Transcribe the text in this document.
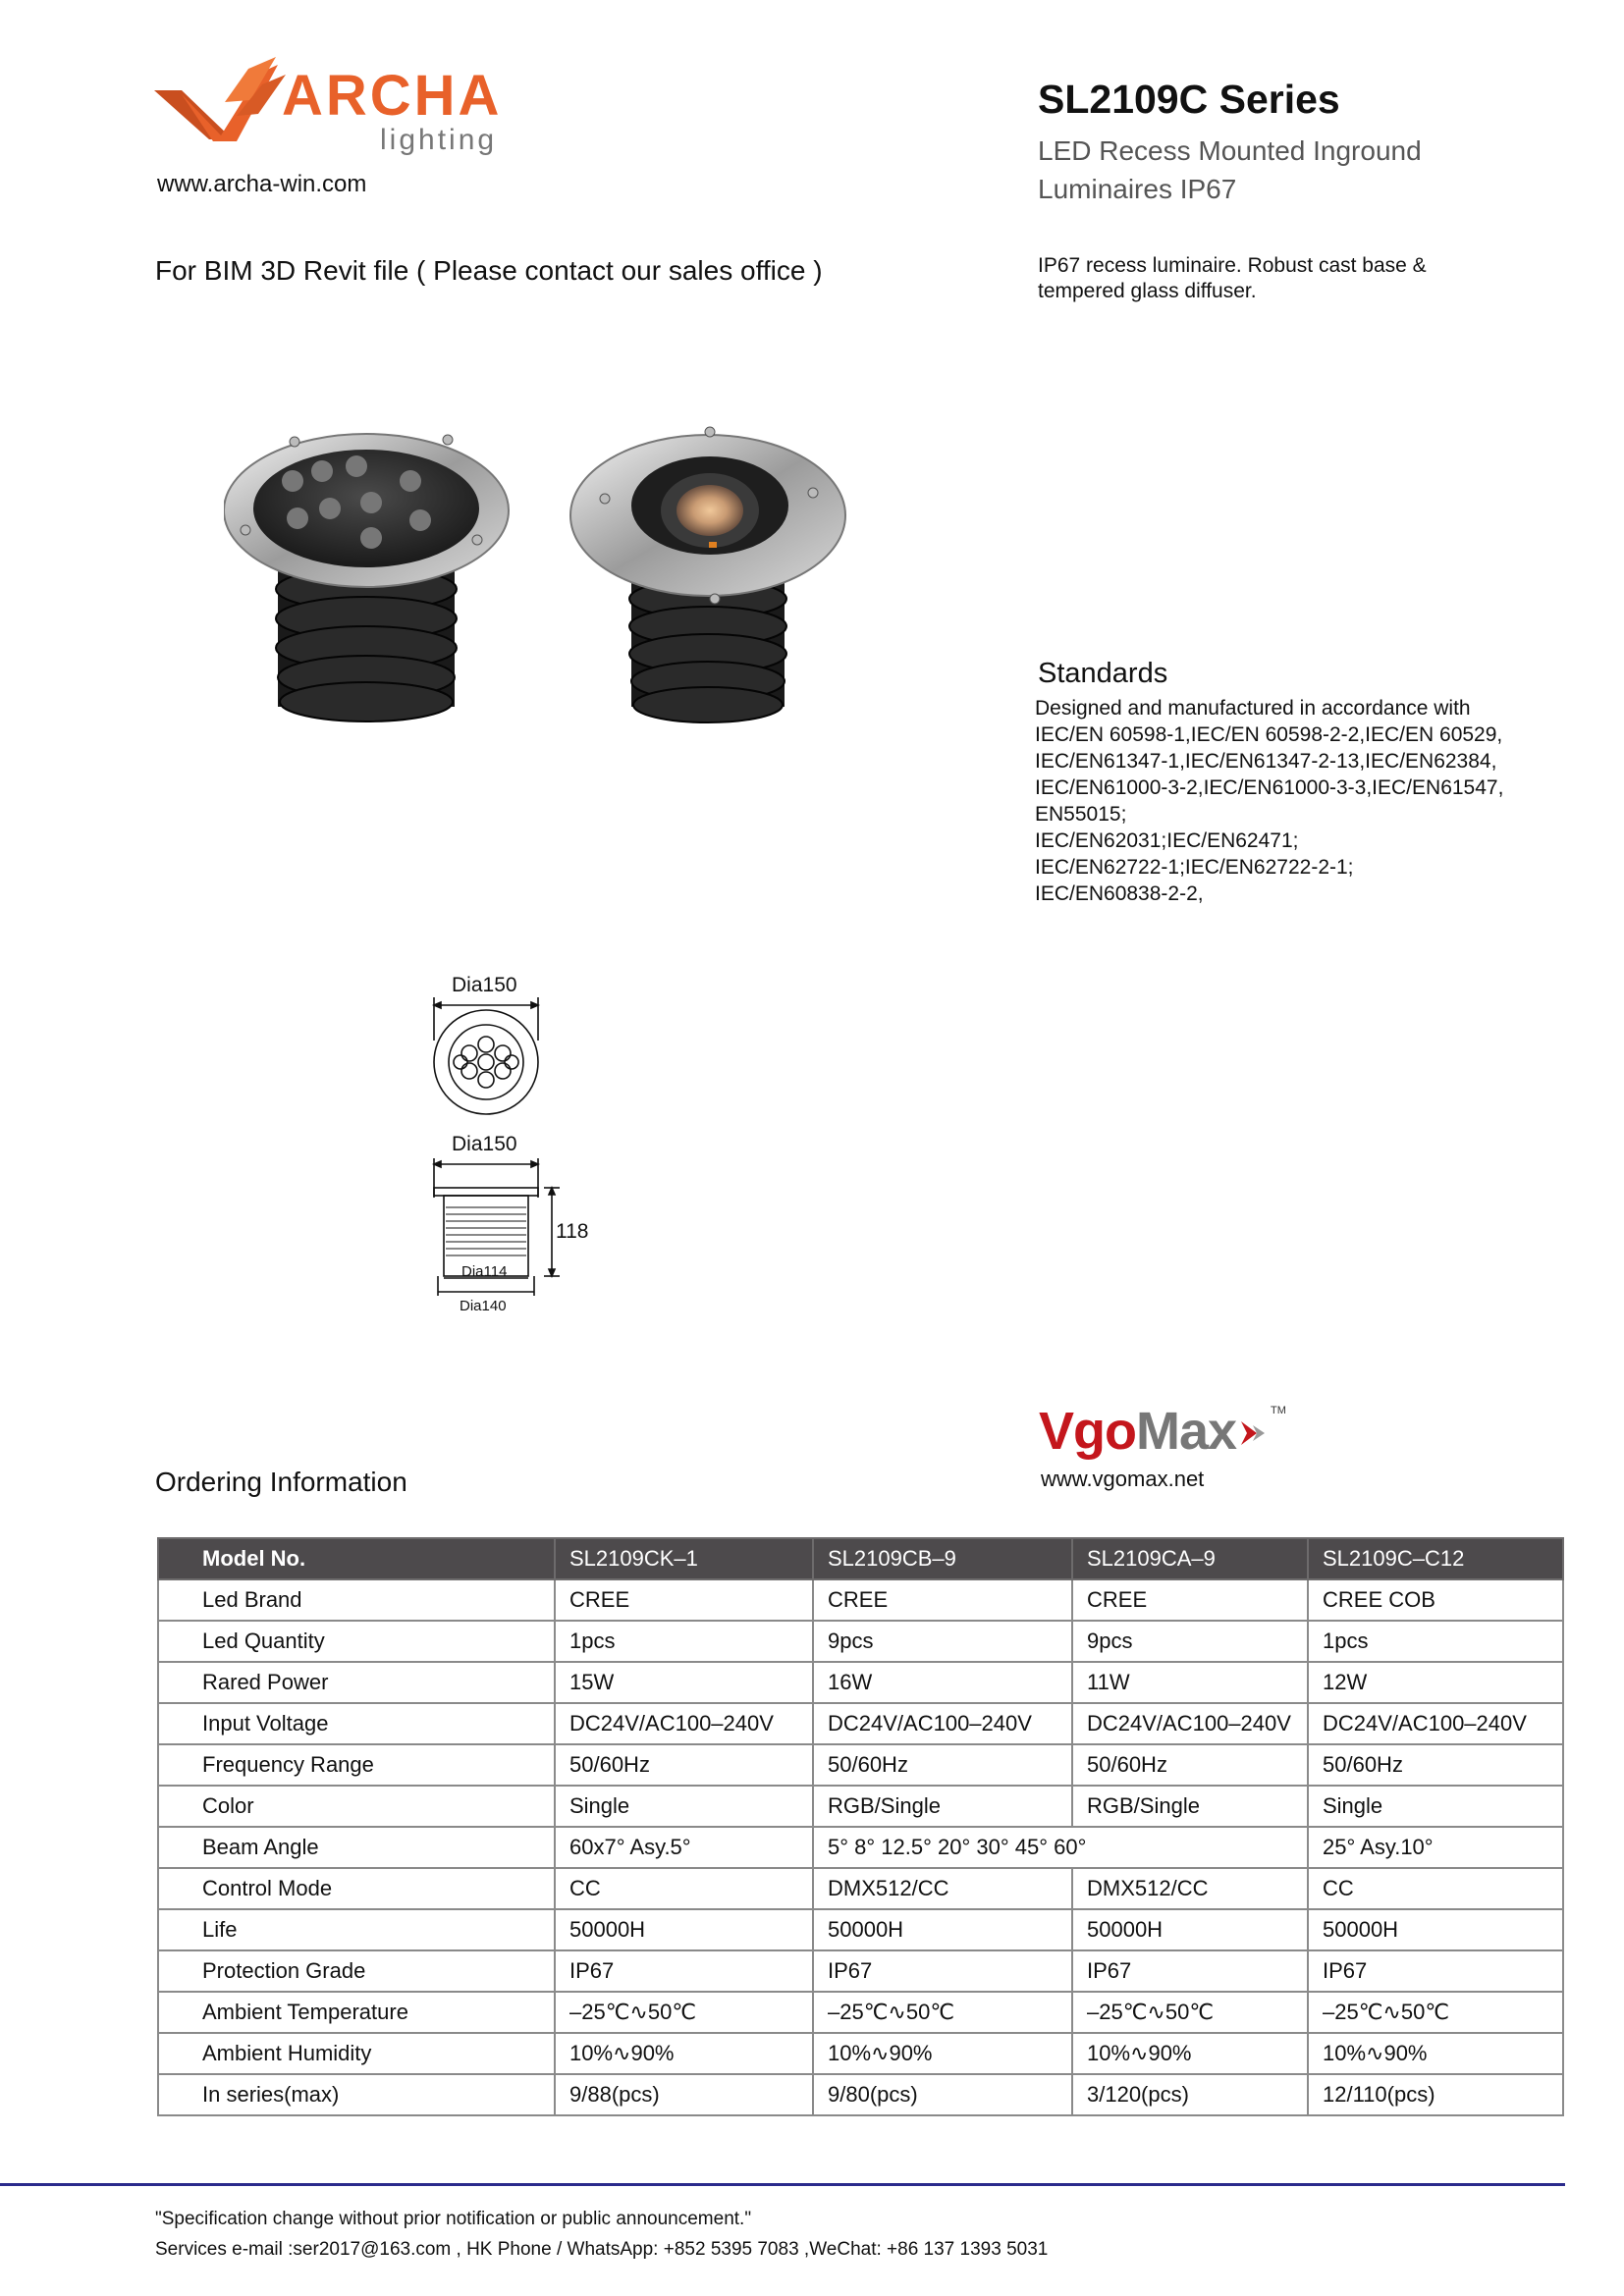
ARCHA
lighting
www.archa-win.com
SL2109C Series
LED Recess Mounted Inground
Luminaires IP67
For BIM 3D Revit file ( Please contact our sales office )	IP67 recess luminaire. Robust cast base & tempered glass diffuser.
Standards
Designed and manufactured in accordance with
IEC/EN 60598-1,IEC/EN 60598-2-2,IEC/EN 60529,
IEC/EN61347-1,IEC/EN61347-2-13,IEC/EN62384,
IEC/EN61000-3-2,IEC/EN61000-3-3,IEC/EN61547,
EN55015;
IEC/EN62031;IEC/EN62471;
IEC/EN62722-1;IEC/EN62722-2-1;
IEC/EN60838-2-2,
Dia150
Dia150
118
Dia114
Dia140
VgoMax	TM
www.vgomax.net
Ordering Information
Model No.	SL2109CK–1	SL2109CB–9	SL2109CA–9	SL2109C–C12
Led Brand	CREE	CREE	CREE	CREE COB
Led Quantity	1pcs	9pcs	9pcs	1pcs
Rared Power	15W	16W	11W	12W
Input Voltage	DC24V/AC100–240V	DC24V/AC100–240V	DC24V/AC100–240V	DC24V/AC100–240V
Frequency Range	50/60Hz	50/60Hz	50/60Hz	50/60Hz
Color	Single	RGB/Single	RGB/Single	Single
Beam Angle	60x7° Asy.5°	5° 8° 12.5° 20° 30° 45° 60°		25° Asy.10°
Control Mode	CC	DMX512/CC	DMX512/CC	CC
Life	50000H	50000H	50000H	50000H
Protection Grade	IP67	IP67	IP67	IP67
Ambient Temperature	–25℃∿50℃	–25℃∿50℃	–25℃∿50℃	–25℃∿50℃
Ambient Humidity	10%∿90%	10%∿90%	10%∿90%	10%∿90%
In series(max)	9/88(pcs)	9/80(pcs)	3/120(pcs)	12/110(pcs)
"Specification change without prior notification or public announcement."
Services e-mail :ser2017@163.com , HK Phone / WhatsApp: +852 5395 7083 ,WeChat: +86 137 1393 5031
